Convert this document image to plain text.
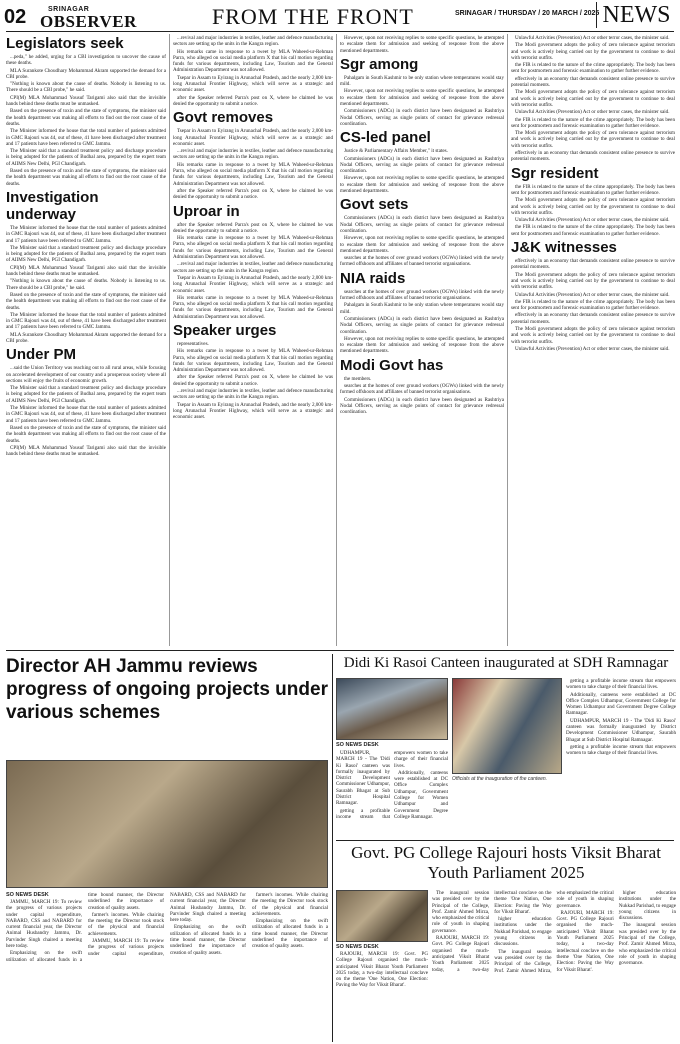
02	SRINAGAR
OBSERVER	FROM THE FRONT	SRINAGAR / THURSDAY / 20 MARCH / 2025 NEWS
Legislators seek

...peda," he added, urging for a CBI investigation to uncover the cause of these deaths.

MLA Surankote Choudhary Mohammad Akram supported the demand for a CBI probe.

"Nothing is known about the cause of deaths. Nobody is listening to us. There should be a CBI probe," he said.

CPI(M) MLA Mohammad Yousuf Tarigami also said that the invisible hands behind these deaths must be unmasked.

Based on the presence of toxin and the state of symptoms, the minister said the health department was making all efforts to find out the root cause of the deaths.

The Minister informed the house that the total number of patients admitted in GMC Rajouri was 44, out of these, 41 have been discharged after treatment and 17 patients have been referred to GMC Jammu.

The Minister said that a standard treatment policy and discharge procedure is being adopted for the patients of Budhal area, prepared by the expert team of AIIMS New Delhi, PGI Chandigarh.

Based on the presence of toxin and the state of symptoms, the minister said the health department was making all efforts to find out the root cause of the deaths.

Investigation underway

The Minister informed the house that the total number of patients admitted in GMC Rajouri was 44, out of these, 41 have been discharged after treatment and 17 patients have been referred to GMC Jammu.

The Minister said that a standard treatment policy and discharge procedure is being adopted for the patients of Budhal area, prepared by the expert team of AIIMS New Delhi, PGI Chandigarh.

CPI(M) MLA Mohammad Yousuf Tarigami also said that the invisible hands behind these deaths must be unmasked.

"Nothing is known about the cause of deaths. Nobody is listening to us. There should be a CBI probe," he said.

Based on the presence of toxin and the state of symptoms, the minister said the health department was making all efforts to find out the root cause of the deaths.

The Minister informed the house that the total number of patients admitted in GMC Rajouri was 44, out of these, 41 have been discharged after treatment and 17 patients have been referred to GMC Jammu.

MLA Surankote Choudhary Mohammad Akram supported the demand for a CBI probe.

Under PM

...said the Union Territory was reaching out to all rural areas, while focusing on accelerated development of our country and a prosperous society where all sections will enjoy the fruits of economic growth.

The Minister said that a standard treatment policy and discharge procedure is being adopted for the patients of Budhal area, prepared by the expert team of AIIMS New Delhi, PGI Chandigarh.

The Minister informed the house that the total number of patients admitted in GMC Rajouri was 44, out of these, 41 have been discharged after treatment and 17 patients have been referred to GMC Jammu.

Based on the presence of toxin and the state of symptoms, the minister said the health department was making all efforts to find out the root cause of the deaths.

CPI(M) MLA Mohammad Yousuf Tarigami also said that the invisible hands behind these deaths must be unmasked.

...revival and major industries in textiles, leather and defence manufacturing sectors are setting up the units in the Kangra region.

His remarks came in response to a tweet by MLA Waheed-ur-Rehman Parra, who alleged on social media platform X that his call motion regarding funds for various departments, including Law, Tourism and the General Administration Department was not allowed.

Tsepar in Assam to Eyirang in Arunachal Pradesh, and the nearly 2,000 km-long Arunachal Frontier Highway, which will serve as a strategic and economic asset.

after the Speaker referred Parra's post on X, where he claimed he was denied the opportunity to submit a notice.

Govt removes

Tsepar in Assam to Eyirang in Arunachal Pradesh, and the nearly 2,000 km-long Arunachal Frontier Highway, which will serve as a strategic and economic asset.

...revival and major industries in textiles, leather and defence manufacturing sectors are setting up the units in the Kangra region.

His remarks came in response to a tweet by MLA Waheed-ur-Rehman Parra, who alleged on social media platform X that his call motion regarding funds for various departments, including Law, Tourism and the General Administration Department was not allowed.

after the Speaker referred Parra's post on X, where he claimed he was denied the opportunity to submit a notice.

Uproar in

after the Speaker referred Parra's post on X, where he claimed he was denied the opportunity to submit a notice.

His remarks came in response to a tweet by MLA Waheed-ur-Rehman Parra, who alleged on social media platform X that his call motion regarding funds for various departments, including Law, Tourism and the General Administration Department was not allowed.

...revival and major industries in textiles, leather and defence manufacturing sectors are setting up the units in the Kangra region.

Tsepar in Assam to Eyirang in Arunachal Pradesh, and the nearly 2,000 km-long Arunachal Frontier Highway, which will serve as a strategic and economic asset.

His remarks came in response to a tweet by MLA Waheed-ur-Rehman Parra, who alleged on social media platform X that his call motion regarding funds for various departments, including Law, Tourism and the General Administration Department was not allowed.

Speaker urges

representatives.

His remarks came in response to a tweet by MLA Waheed-ur-Rehman Parra, who alleged on social media platform X that his call motion regarding funds for various departments, including Law, Tourism and the General Administration Department was not allowed.

after the Speaker referred Parra's post on X, where he claimed he was denied the opportunity to submit a notice.

...revival and major industries in textiles, leather and defence manufacturing sectors are setting up the units in the Kangra region.

Tsepar in Assam to Eyirang in Arunachal Pradesh, and the nearly 2,000 km-long Arunachal Frontier Highway, which will serve as a strategic and economic asset.

However, upon not receiving replies to some specific questions, he attempted to escalate them for admission and seeking of response from the above mentioned departments.

Sgr among

Pahalgam in South Kashmir to be only station where temperatures would stay mild.

However, upon not receiving replies to some specific questions, he attempted to escalate them for admission and seeking of response from the above mentioned departments.

Commissioners (ADCs) in each district have been designated as Rashtriya Nodal Officers, serving as single points of contact for grievance redressal coordination.

CS-led panel

Justice & Parliamentary Affairs Member," it states.

Commissioners (ADCs) in each district have been designated as Rashtriya Nodal Officers, serving as single points of contact for grievance redressal coordination.

However, upon not receiving replies to some specific questions, he attempted to escalate them for admission and seeking of response from the above mentioned departments.

Govt sets

Commissioners (ADCs) in each district have been designated as Rashtriya Nodal Officers, serving as single points of contact for grievance redressal coordination.

However, upon not receiving replies to some specific questions, he attempted to escalate them for admission and seeking of response from the above mentioned departments.

searches at the homes of over ground workers (OGWs) linked with the newly formed offshoots and affiliates of banned terrorist organisations.

NIA raids

searches at the homes of over ground workers (OGWs) linked with the newly formed offshoots and affiliates of banned terrorist organisations.

Pahalgam in South Kashmir to be only station where temperatures would stay mild.

Commissioners (ADCs) in each district have been designated as Rashtriya Nodal Officers, serving as single points of contact for grievance redressal coordination.

However, upon not receiving replies to some specific questions, he attempted to escalate them for admission and seeking of response from the above mentioned departments.

Modi Govt has

the members.

searches at the homes of over ground workers (OGWs) linked with the newly formed offshoots and affiliates of banned terrorist organisations.

Commissioners (ADCs) in each district have been designated as Rashtriya Nodal Officers, serving as single points of contact for grievance redressal coordination.

Unlawful Activities (Prevention) Act or other terror cases, the minister said.

The Modi government adopts the policy of zero tolerance against terrorism and work is actively being carried out by the government to continue to deal with terrorist outfits.

the FIR is related to the nature of the crime appropriately. The body has been sent for postmortem and forensic examination to gather further evidence.

effectively in an economy that demands consistent online presence to survive potential moments.

The Modi government adopts the policy of zero tolerance against terrorism and work is actively being carried out by the government to continue to deal with terrorist outfits.

Unlawful Activities (Prevention) Act or other terror cases, the minister said.

the FIR is related to the nature of the crime appropriately. The body has been sent for postmortem and forensic examination to gather further evidence.

The Modi government adopts the policy of zero tolerance against terrorism and work is actively being carried out by the government to continue to deal with terrorist outfits.

effectively in an economy that demands consistent online presence to survive potential moments.

Sgr resident

the FIR is related to the nature of the crime appropriately. The body has been sent for postmortem and forensic examination to gather further evidence.

The Modi government adopts the policy of zero tolerance against terrorism and work is actively being carried out by the government to continue to deal with terrorist outfits.

Unlawful Activities (Prevention) Act or other terror cases, the minister said.

the FIR is related to the nature of the crime appropriately. The body has been sent for postmortem and forensic examination to gather further evidence.

J&K witnesses

effectively in an economy that demands consistent online presence to survive potential moments.

The Modi government adopts the policy of zero tolerance against terrorism and work is actively being carried out by the government to continue to deal with terrorist outfits.

Unlawful Activities (Prevention) Act or other terror cases, the minister said.

the FIR is related to the nature of the crime appropriately. The body has been sent for postmortem and forensic examination to gather further evidence.

effectively in an economy that demands consistent online presence to survive potential moments.

The Modi government adopts the policy of zero tolerance against terrorism and work is actively being carried out by the government to continue to deal with terrorist outfits.

Unlawful Activities (Prevention) Act or other terror cases, the minister said.

Director AH Jammu reviews progress of ongoing projects under various schemes
SO NEWS DESK

JAMMU, MARCH 19: To review the progress of various projects under capital expenditure, NABARD, CSS and NABARD for current financial year, the Director Animal Husbandry Jammu, Dr. Parvinder Singh chaired a meeting here today.

Emphasizing on the swift utilization of allocated funds in a time bound manner, the Director underlined the importance of creation of quality assets.

farmer's incomes. While chairing the meeting the Director took stock of the physical and financial achievements.

JAMMU, MARCH 19: To review the progress of various projects under capital expenditure, NABARD, CSS and NABARD for current financial year, the Director Animal Husbandry Jammu, Dr. Parvinder Singh chaired a meeting here today.

Emphasizing on the swift utilization of allocated funds in a time bound manner, the Director underlined the importance of creation of quality assets.

farmer's incomes. While chairing the meeting the Director took stock of the physical and financial achievements.

Emphasizing on the swift utilization of allocated funds in a time bound manner, the Director underlined the importance of creation of quality assets.

Didi Ki Rasoi Canteen inaugurated at SDH Ramnagar
SO NEWS DESK

UDHAMPUR, MARCH 19 - The 'Didi Ki Rasoi' canteen was formally inaugurated by District Development Commissioner Udhampur, Saurabh Bhagat at Sub District Hospital Ramnagar.

getting a profitable income stream that empowers women to take charge of their financial lives.

Additionally, canteens were established at DC Office Complex Udhampur, Government College for Women Udhampur and Government Degree College Ramnagar.

Officials at the inauguration of the canteen.

getting a profitable income stream that empowers women to take charge of their financial lives.

Additionally, canteens were established at DC Office Complex Udhampur, Government College for Women Udhampur and Government Degree College Ramnagar.

UDHAMPUR, MARCH 19 - The 'Didi Ki Rasoi' canteen was formally inaugurated by District Development Commissioner Udhampur, Saurabh Bhagat at Sub District Hospital Ramnagar.

getting a profitable income stream that empowers women to take charge of their financial lives.

Govt. PG College Rajouri hosts Viksit Bharat Youth Parliament 2025
SO NEWS DESK

RAJOURI, MARCH 19: Govt. PG College Rajouri organised the much-anticipated Viksit Bharat Youth Parliament 2025 today, a two-day intellectual conclave on the theme 'One Nation, One Election: Paving the Way for Viksit Bharat'.

The inaugural session was presided over by the Principal of the College, Prof. Zamir Ahmed Mirza, who emphasized the critical role of youth in shaping governance.

RAJOURI, MARCH 19: Govt. PG College Rajouri organised the much-anticipated Viksit Bharat Youth Parliament 2025 today, a two-day intellectual conclave on the theme 'One Nation, One Election: Paving the Way for Viksit Bharat'.

higher education institutions under the Nukkad Parishad, to engage young citizens in discussions.

The inaugural session was presided over by the Principal of the College, Prof. Zamir Ahmed Mirza, who emphasized the critical role of youth in shaping governance.

RAJOURI, MARCH 19: Govt. PG College Rajouri organised the much-anticipated Viksit Bharat Youth Parliament 2025 today, a two-day intellectual conclave on the theme 'One Nation, One Election: Paving the Way for Viksit Bharat'.

higher education institutions under the Nukkad Parishad, to engage young citizens in discussions.

The inaugural session was presided over by the Principal of the College, Prof. Zamir Ahmed Mirza, who emphasized the critical role of youth in shaping governance.
